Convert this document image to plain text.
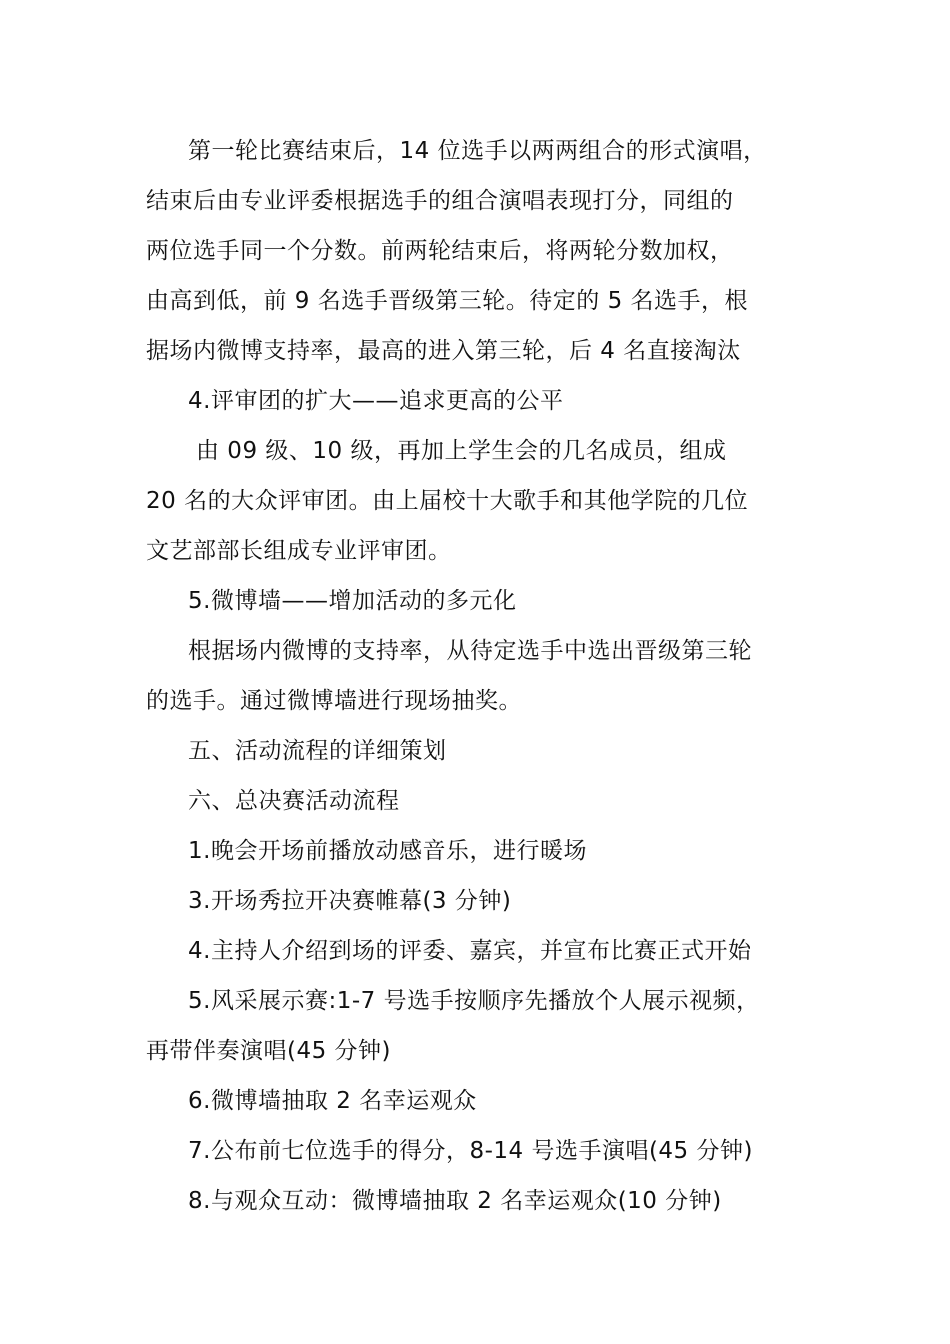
第一轮比赛结束后，14 位选手以两两组合的形式演唱，
结束后由专业评委根据选手的组合演唱表现打分，同组的
两位选手同一个分数。前两轮结束后，将两轮分数加权，
由高到低，前 9 名选手晋级第三轮。待定的 5 名选手，根
据场内微博支持率，最高的进入第三轮，后 4 名直接淘汰
4.评审团的扩大——追求更高的公平
由 09 级、10 级，再加上学生会的几名成员，组成
20 名的大众评审团。由上届校十大歌手和其他学院的几位
文艺部部长组成专业评审团。
5.微博墙——增加活动的多元化
根据场内微博的支持率，从待定选手中选出晋级第三轮
的选手。通过微博墙进行现场抽奖。
五、活动流程的详细策划
六、总决赛活动流程
1.晚会开场前播放动感音乐，进行暖场
3.开场秀拉开决赛帷幕(3 分钟)
4.主持人介绍到场的评委、嘉宾，并宣布比赛正式开始
5.风采展示赛:1-7 号选手按顺序先播放个人展示视频，
再带伴奏演唱(45 分钟)
6.微博墙抽取 2 名幸运观众
7.公布前七位选手的得分，8-14 号选手演唱(45 分钟)
8.与观众互动：微博墙抽取 2 名幸运观众(10 分钟)
